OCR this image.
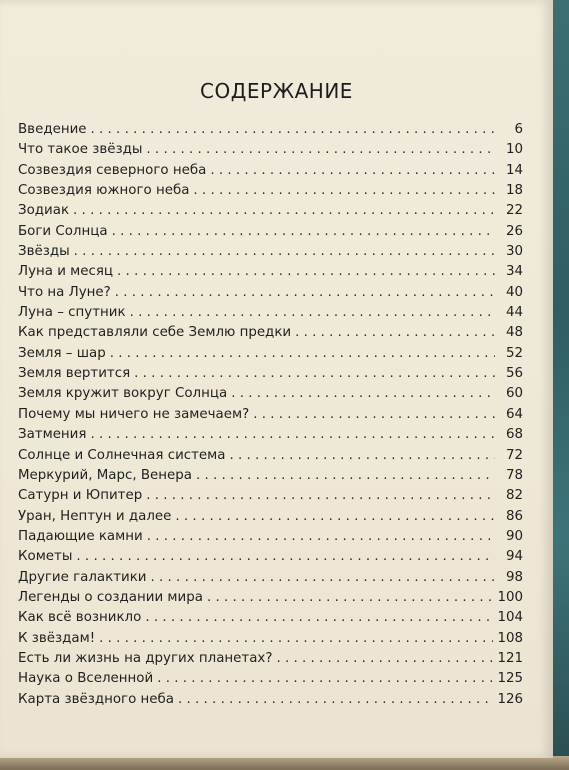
СОДЕРЖАНИЕ
Введение . . .	6
Что такое звёзды . . .	10
Созвездия северного неба . . .	14
Созвездия южного неба . . .	18
Зодиак . . .	22
Боги Солнца . . .	26
Звёзды . . .	30
Луна и месяц . . .	34
Что на Луне? . . .	40
Луна – спутник . . .	44
Как представляли себе Землю предки . . .	48
Земля – шар . . .	52
Земля вертится . . .	56
Земля кружит вокруг Солнца . . .	60
Почему мы ничего не замечаем? . . .	64
Затмения . . .	68
Солнце и Солнечная система . . .	72
Меркурий, Марс, Венера . . .	78
Сатурн и Юпитер . . .	82
Уран, Нептун и далее . . .	86
Падающие камни . . .	90
Кометы . . .	94
Другие галактики . . .	98
Легенды о создании мира . . .	100
Как всё возникло . . .	104
К звёздам! . . .	108
Есть ли жизнь на других планетах? . . .	121
Наука о Вселенной . . .	125
Карта звёздного неба . . .	126
